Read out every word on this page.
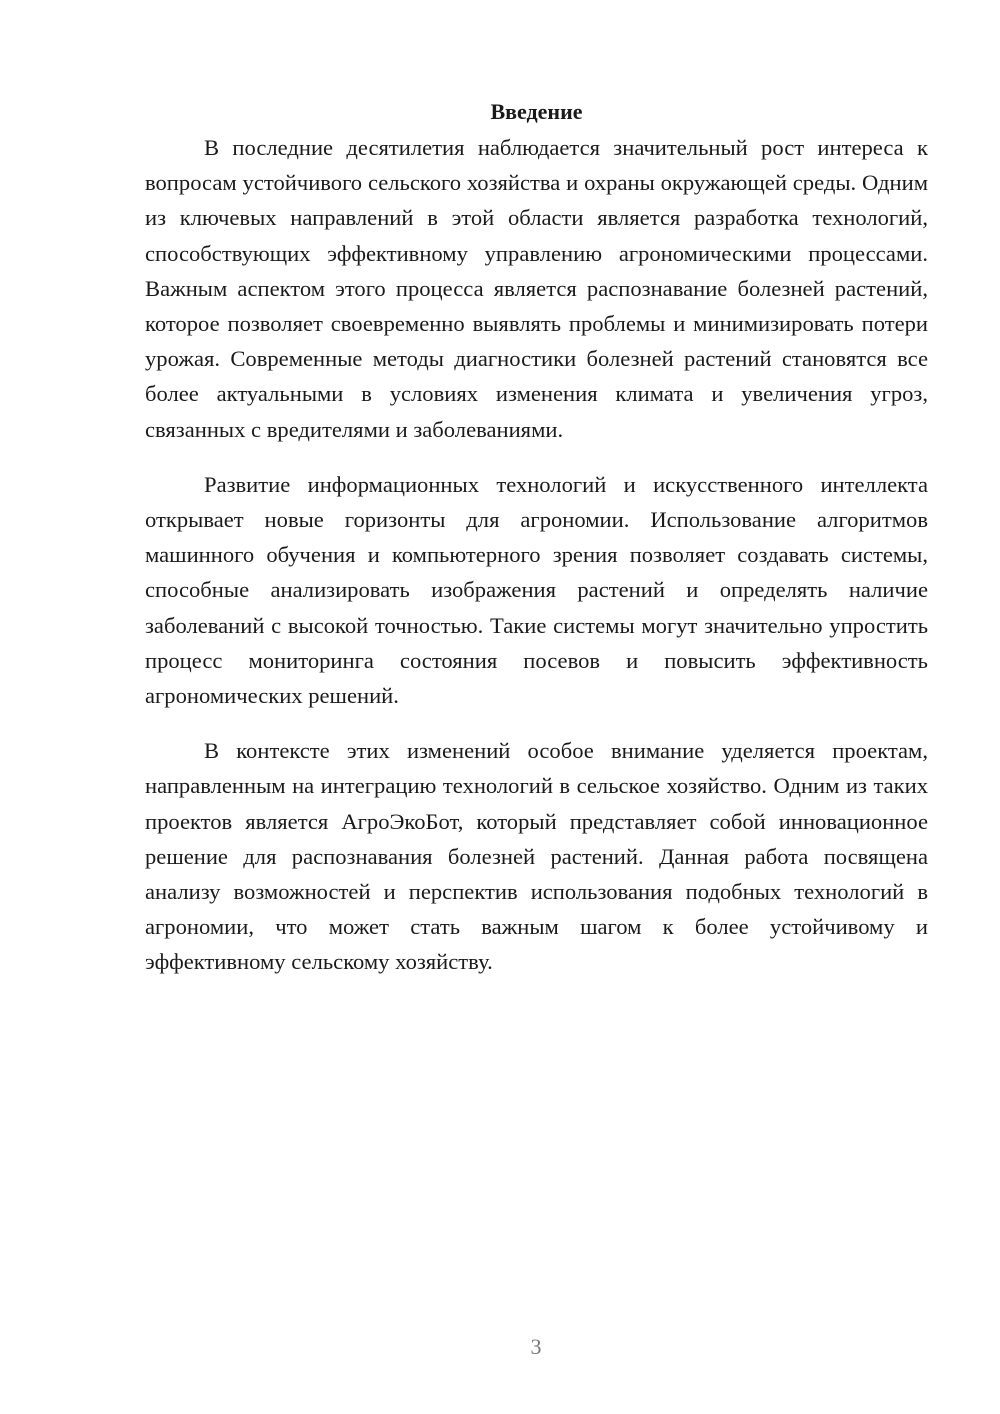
Введение

В последние десятилетия наблюдается значительный рост интереса к вопросам устойчивого сельского хозяйства и охраны окружающей среды. Одним из ключевых направлений в этой области является разработка технологий, способствующих эффективному управлению агрономическими процессами. Важным аспектом этого процесса является распознавание болезней растений, которое позволяет своевременно выявлять проблемы и минимизировать потери урожая. Современные методы диагностики болезней растений становятся все более актуальными в условиях изменения климата и увеличения угроз, связанных с вредителями и заболеваниями.

Развитие информационных технологий и искусственного интеллекта открывает новые горизонты для агрономии. Использование алгоритмов машинного обучения и компьютерного зрения позволяет создавать системы, способные анализировать изображения растений и определять наличие заболеваний с высокой точностью. Такие системы могут значительно упростить процесс мониторинга состояния посевов и повысить эффективность агрономических решений.

В контексте этих изменений особое внимание уделяется проектам, направленным на интеграцию технологий в сельское хозяйство. Одним из таких проектов является АгроЭкоБот, который представляет собой инновационное решение для распознавания болезней растений. Данная работа посвящена анализу возможностей и перспектив использования подобных технологий в агрономии, что может стать важным шагом к более устойчивому и эффективному сельскому хозяйству.

3
